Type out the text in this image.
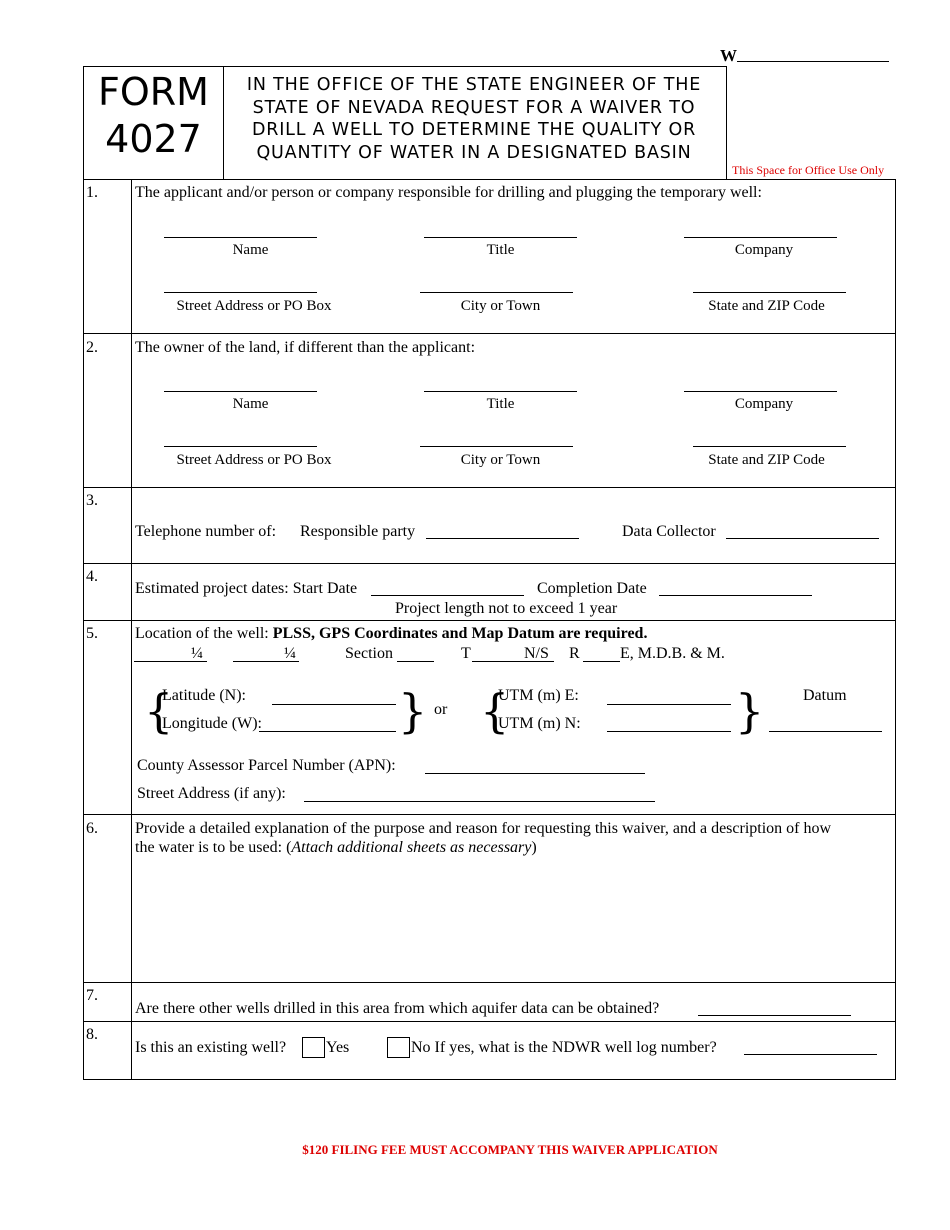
W
FORM
4027
IN THE OFFICE OF THE STATE ENGINEER OF THE
STATE OF NEVADA REQUEST FOR A WAIVER TO
DRILL A WELL TO DETERMINE THE QUALITY OR
QUANTITY OF WATER IN A DESIGNATED BASIN
This Space for Office Use Only
1. The applicant and/or person or company responsible for drilling and plugging the temporary well:
Name	Title	Company
Street Address or PO Box	City or Town	State and ZIP Code
2. The owner of the land, if different than the applicant:
Name	Title	Company
Street Address or PO Box	City or Town	State and ZIP Code
3.
Telephone number of: Responsible party	Data Collector
4.
Estimated project dates: Start Date	Completion Date
Project length not to exceed 1 year
5. Location of the well: PLSS, GPS Coordinates and Map Datum are required.
¼	¼	Section	T	N/S R	E, M.D.B. & M.
{
Latitude (N):
Longitude (W):	} or {
UTM (m) E:
UTM (m) N:	} Datum
County Assessor Parcel Number (APN):
Street Address (if any):
6. Provide a detailed explanation of the purpose and reason for requesting this waiver, and a description of how
the water is to be used: (Attach additional sheets as necessary)
7.
Are there other wells drilled in this area from which aquifer data can be obtained?
8.
Is this an existing well? Yes	No If yes, what is the NDWR well log number?
$120 FILING FEE MUST ACCOMPANY THIS WAIVER APPLICATION
